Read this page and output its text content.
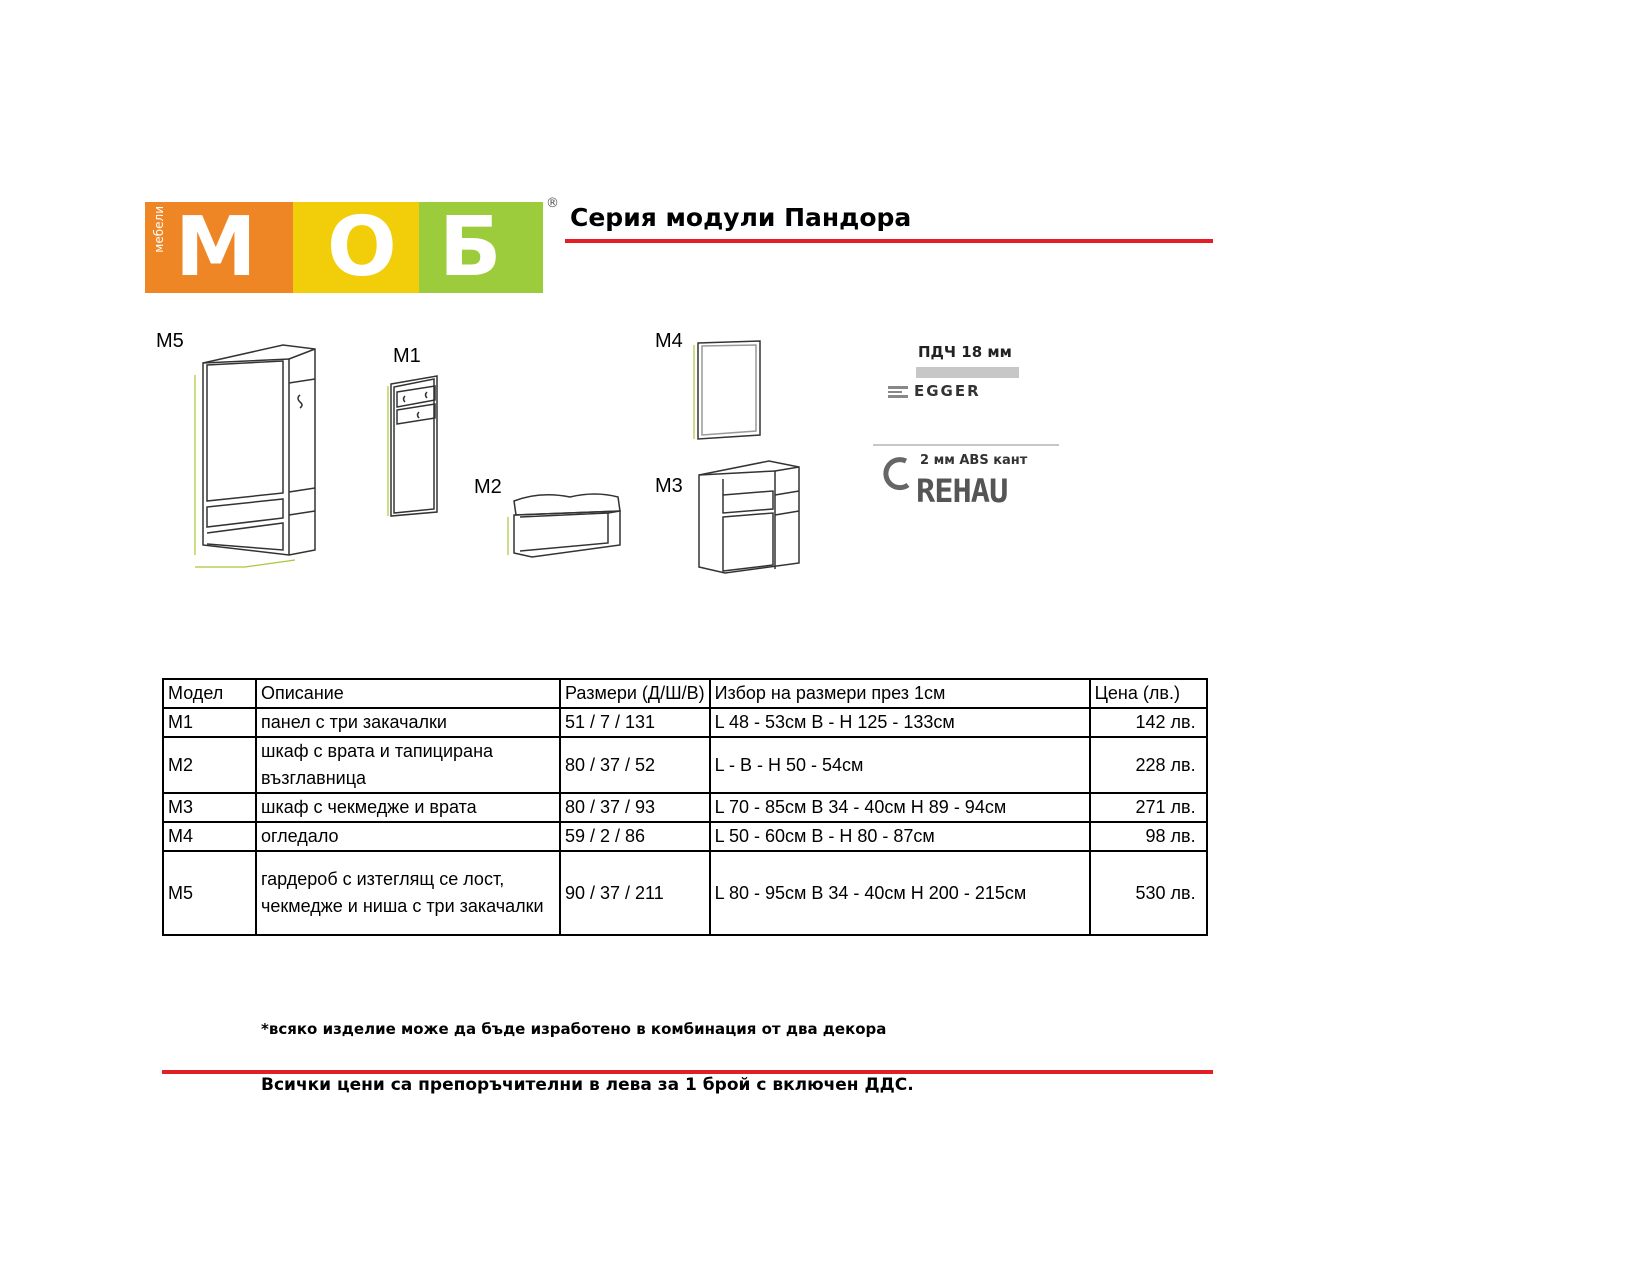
мебели М О Б	® Серия модули Пандора
M5
M1
M4
M2	M3
ПДЧ 18 мм
EGGER
2 мм ABS кант
REHAU
Модел	Описание	Размери (Д/Ш/В)	Избор на размери през 1см	Цена (лв.)
M1	панел с три закачалки	51 / 7 / 131	L 48 - 53см B - H 125 - 133см	142 лв.
M2	шкаф с врата и тапицирана възглавница	80 / 37 / 52	L - B - H 50 - 54см	228 лв.
M3	шкаф с чекмедже и врата	80 / 37 / 93	L 70 - 85см B 34 - 40см H 89 - 94см	271 лв.
M4	огледало	59 / 2 / 86	L 50 - 60см B - H 80 - 87см	98 лв.
M5	гардероб с изтеглящ се лост, чекмедже и ниша с три закачалки	90 / 37 / 211	L 80 - 95см B 34 - 40см H 200 - 215см	530 лв.
*всяко изделие може да бъде изработено в комбинация от два декора
Всички цени са препоръчителни в лева за 1 брой с включен ДДС.
